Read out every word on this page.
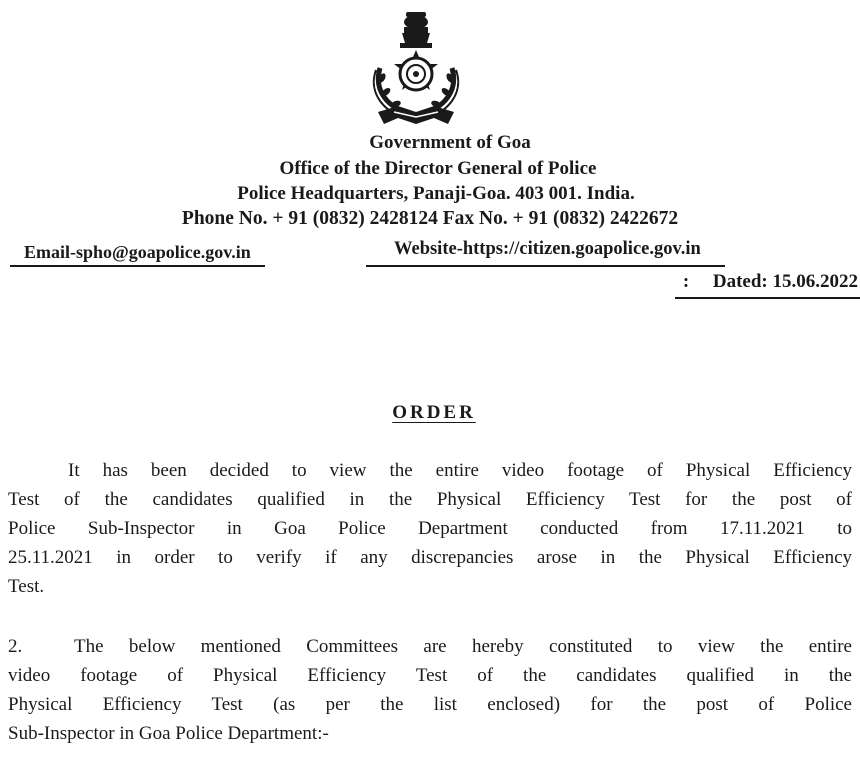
Government of Goa
Office of the Director General of Police
Police Headquarters, Panaji-Goa. 403 001. India.
Phone No. + 91 (0832) 2428124 Fax No. + 91 (0832) 2422672
Email-spho@goapolice.gov.in	Website-https://citizen.goapolice.gov.in
: Dated: 15.06.2022
ORDER
It has been decided to view the entire video footage of Physical Efficiency
Test of the candidates qualified in the Physical Efficiency Test for the post of
Police Sub-Inspector in Goa Police Department conducted from 17.11.2021 to
25.11.2021 in order to verify if any discrepancies arose in the Physical Efficiency
Test.
2.	The below mentioned Committees are hereby constituted to view the entire
video footage of Physical Efficiency Test of the candidates qualified in the
Physical Efficiency Test (as per the list enclosed) for the post of Police
Sub-Inspector in Goa Police Department:-
